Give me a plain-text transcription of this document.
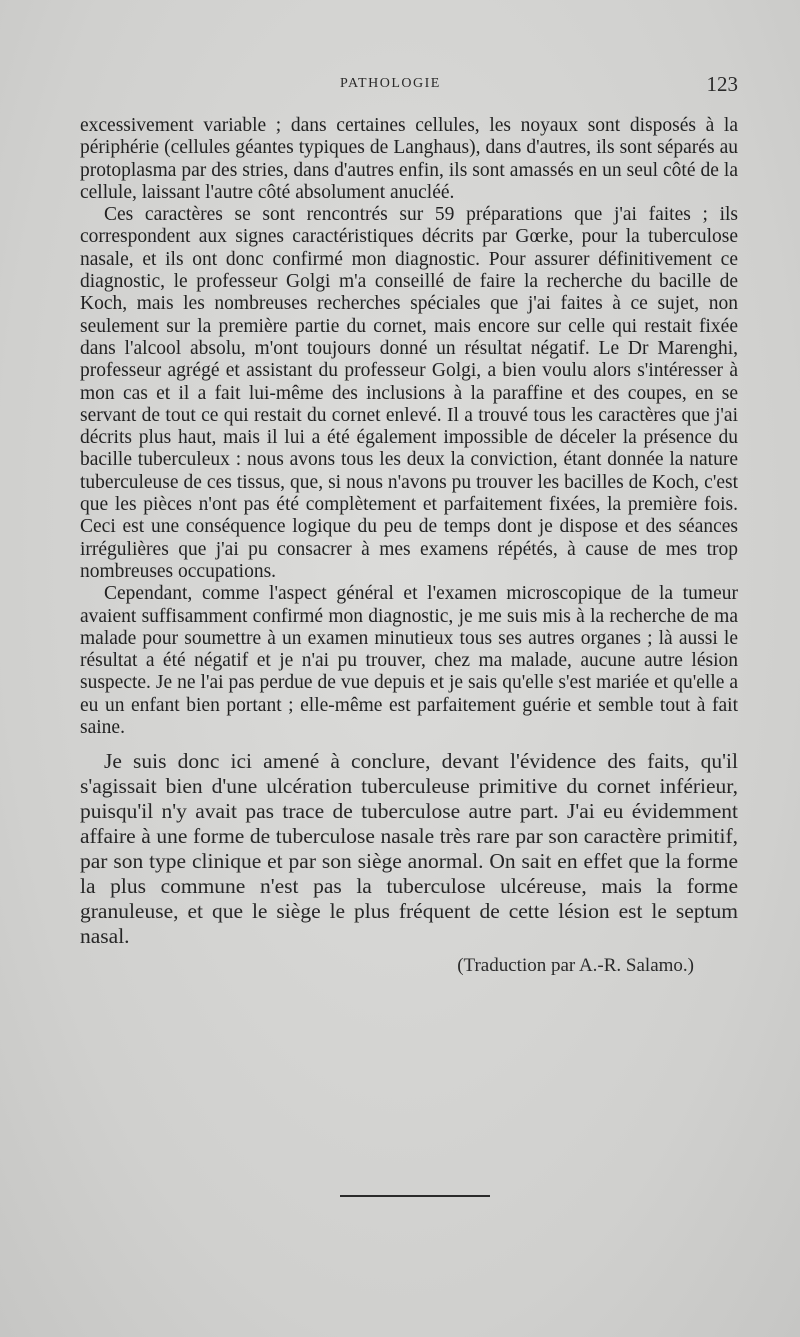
PATHOLOGIE	123

excessivement variable ; dans certaines cellules, les noyaux sont disposés à la périphérie (cellules géantes typiques de Langhaus), dans d'autres, ils sont séparés au protoplasma par des stries, dans d'autres enfin, ils sont amassés en un seul côté de la cellule, laissant l'autre côté absolument anucléé.

Ces caractères se sont rencontrés sur 59 préparations que j'ai faites ; ils correspondent aux signes caractéristiques décrits par Gœrke, pour la tuberculose nasale, et ils ont donc confirmé mon diagnostic. Pour assurer définitivement ce diagnostic, le professeur Golgi m'a conseillé de faire la recherche du bacille de Koch, mais les nombreuses recherches spéciales que j'ai faites à ce sujet, non seulement sur la première partie du cornet, mais encore sur celle qui restait fixée dans l'alcool absolu, m'ont toujours donné un résultat négatif. Le Dr Marenghi, professeur agrégé et assistant du professeur Golgi, a bien voulu alors s'intéresser à mon cas et il a fait lui-même des inclusions à la paraffine et des coupes, en se servant de tout ce qui restait du cornet enlevé. Il a trouvé tous les caractères que j'ai décrits plus haut, mais il lui a été également impossible de déceler la présence du bacille tuberculeux : nous avons tous les deux la conviction, étant donnée la nature tuberculeuse de ces tissus, que, si nous n'avons pu trouver les bacilles de Koch, c'est que les pièces n'ont pas été complètement et parfaitement fixées, la première fois. Ceci est une conséquence logique du peu de temps dont je dispose et des séances irrégulières que j'ai pu consacrer à mes examens répétés, à cause de mes trop nombreuses occupations.

Cependant, comme l'aspect général et l'examen microscopique de la tumeur avaient suffisamment confirmé mon diagnostic, je me suis mis à la recherche de ma malade pour soumettre à un examen minutieux tous ses autres organes ; là aussi le résultat a été négatif et je n'ai pu trouver, chez ma malade, aucune autre lésion suspecte. Je ne l'ai pas perdue de vue depuis et je sais qu'elle s'est mariée et qu'elle a eu un enfant bien portant ; elle-même est parfaitement guérie et semble tout à fait saine.

Je suis donc ici amené à conclure, devant l'évidence des faits, qu'il s'agissait bien d'une ulcération tuberculeuse primitive du cornet inférieur, puisqu'il n'y avait pas trace de tuberculose autre part. J'ai eu évidemment affaire à une forme de tuberculose nasale très rare par son caractère primitif, par son type clinique et par son siège anormal. On sait en effet que la forme la plus commune n'est pas la tuberculose ulcéreuse, mais la forme granuleuse, et que le siège le plus fréquent de cette lésion est le septum nasal.

(Traduction par A.-R. Salamo.)
